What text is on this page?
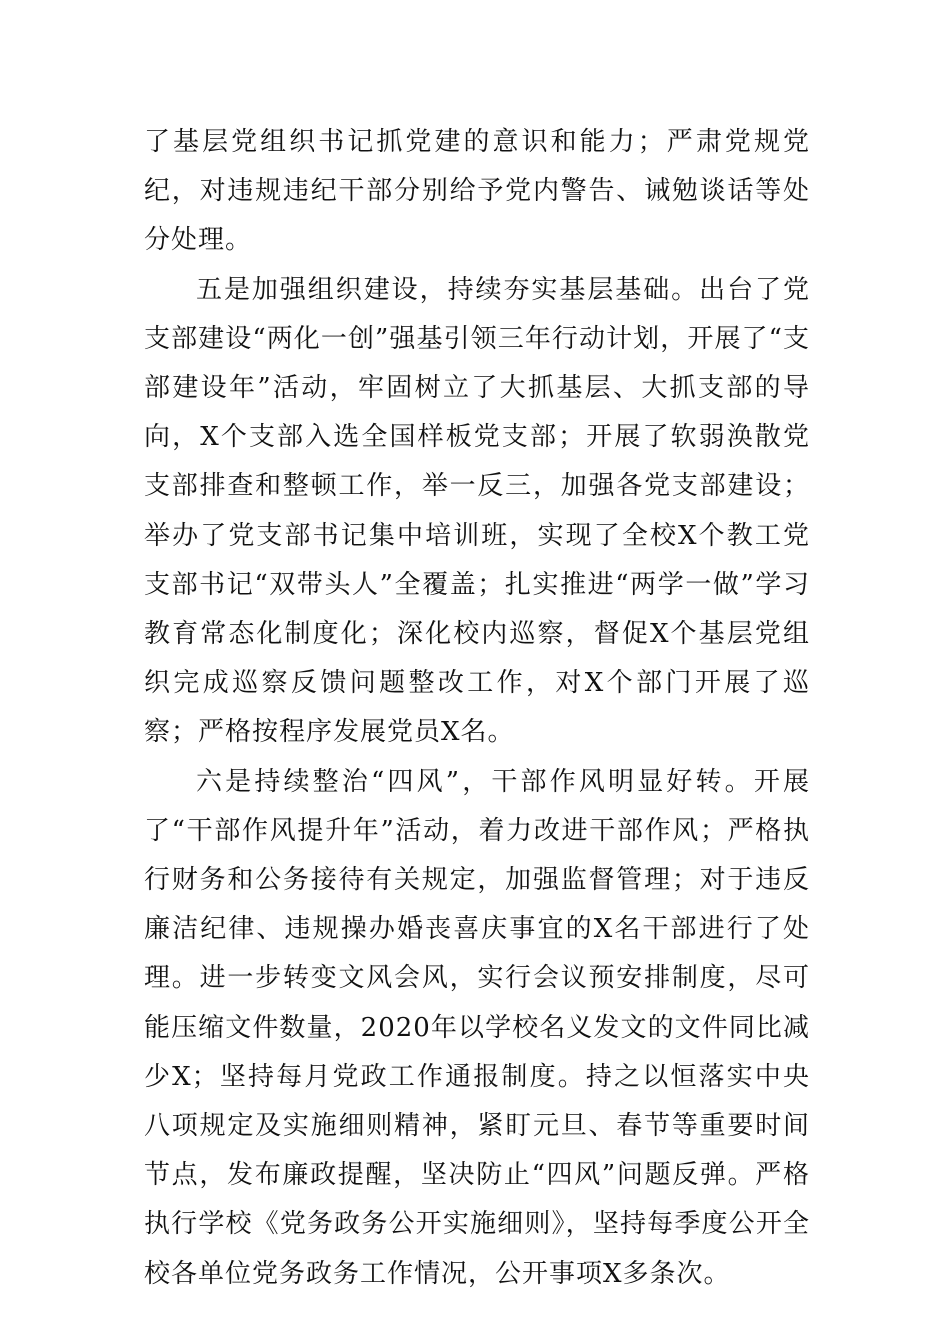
了基层党组织书记抓党建的意识和能力；严肃党规党纪，对违规违纪干部分别给予党内警告、诫勉谈话等处分处理。

五是加强组织建设，持续夯实基层基础。出台了党支部建设“两化一创”强基引领三年行动计划，开展了“支部建设年”活动，牢固树立了大抓基层、大抓支部的导向，X个支部入选全国样板党支部；开展了软弱涣散党支部排查和整顿工作，举一反三，加强各党支部建设；举办了党支部书记集中培训班，实现了全校X个教工党支部书记“双带头人”全覆盖；扎实推进“两学一做”学习教育常态化制度化；深化校内巡察，督促X个基层党组织完成巡察反馈问题整改工作，对X个部门开展了巡察；严格按程序发展党员X名。

六是持续整治“四风”，干部作风明显好转。开展了“干部作风提升年”活动，着力改进干部作风；严格执行财务和公务接待有关规定，加强监督管理；对于违反廉洁纪律、违规操办婚丧喜庆事宜的X名干部进行了处理。进一步转变文风会风，实行会议预安排制度，尽可能压缩文件数量，2020年以学校名义发文的文件同比减少X；坚持每月党政工作通报制度。持之以恒落实中央八项规定及实施细则精神，紧盯元旦、春节等重要时间节点，发布廉政提醒，坚决防止“四风”问题反弹。严格执行学校《党务政务公开实施细则》，坚持每季度公开全校各单位党务政务工作情况，公开事项X多条次。
